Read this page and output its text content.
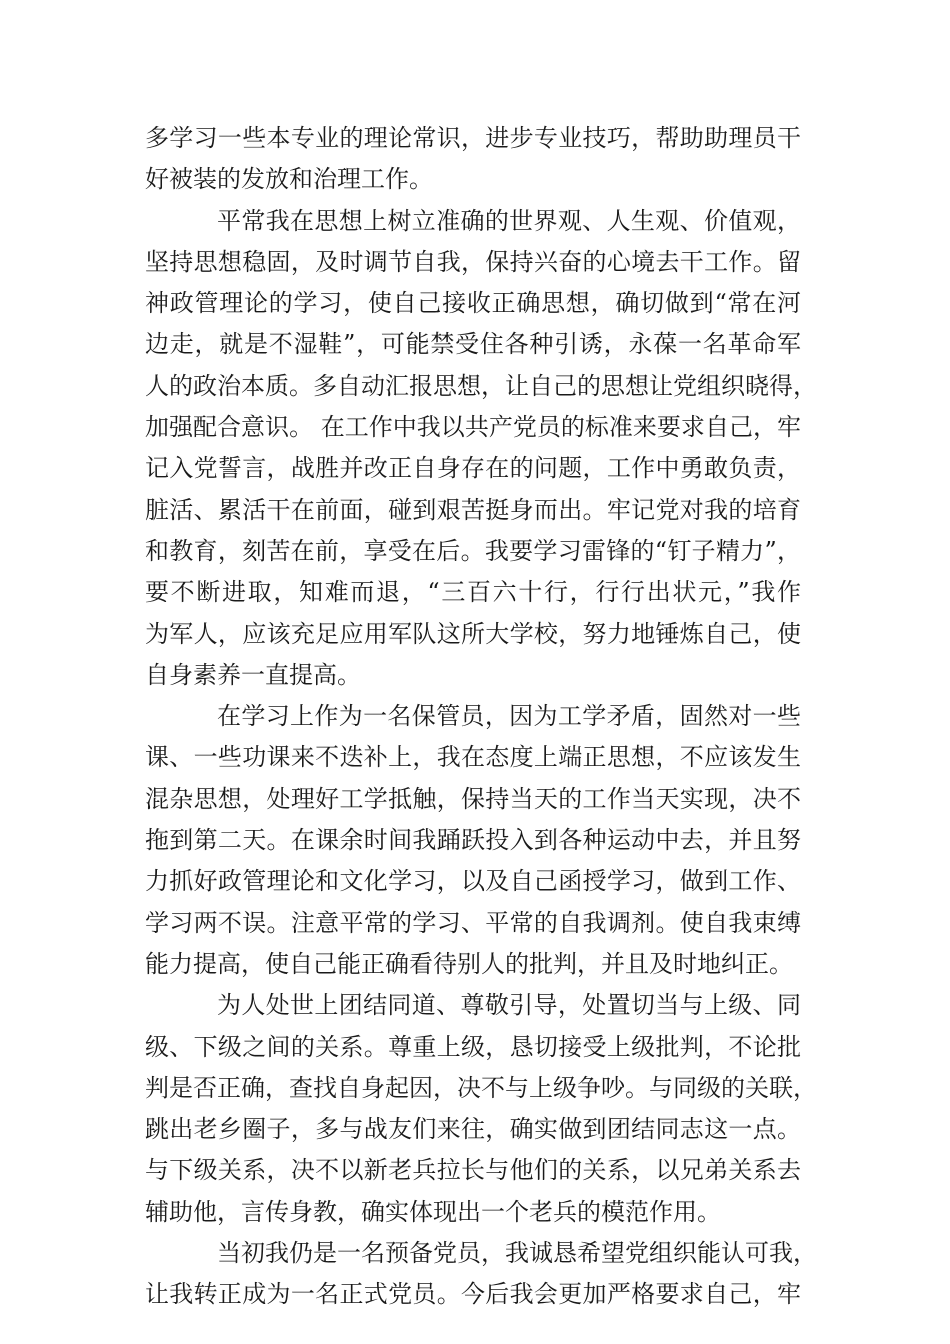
多学习一些本专业的理论常识，进步专业技巧，帮助助理员干
好被装的发放和治理工作。
平常我在思想上树立准确的世界观、人生观、价值观，
坚持思想稳固，及时调节自我，保持兴奋的心境去干工作。留
神政管理论的学习，使自己接收正确思想，确切做到“常在河
边走，就是不湿鞋”，可能禁受住各种引诱，永葆一名革命军
人的政治本质。多自动汇报思想，让自己的思想让党组织晓得，
加强配合意识。 在工作中我以共产党员的标准来要求自己，牢
记入党誓言，战胜并改正自身存在的问题，工作中勇敢负责，
脏活、累活干在前面，碰到艰苦挺身而出。牢记党对我的培育
和教育，刻苦在前，享受在后。我要学习雷锋的“钉子精力”，
要不断进取，知难而退，“三百六十行，行行出状元，”我作
为军人，应该充足应用军队这所大学校，努力地锤炼自己，使
自身素养一直提高。
在学习上作为一名保管员，因为工学矛盾，固然对一些
课、一些功课来不迭补上，我在态度上端正思想，不应该发生
混杂思想，处理好工学抵触，保持当天的工作当天实现，决不
拖到第二天。在课余时间我踊跃投入到各种运动中去，并且努
力抓好政管理论和文化学习，以及自己函授学习，做到工作、
学习两不误。注意平常的学习、平常的自我调剂。使自我束缚
能力提高，使自己能正确看待别人的批判，并且及时地纠正。
为人处世上团结同道、尊敬引导，处置切当与上级、同
级、下级之间的关系。尊重上级，恳切接受上级批判，不论批
判是否正确，查找自身起因，决不与上级争吵。与同级的关联，
跳出老乡圈子，多与战友们来往，确实做到团结同志这一点。
与下级关系，决不以新老兵拉长与他们的关系，以兄弟关系去
辅助他，言传身教，确实体现出一个老兵的模范作用。
当初我仍是一名预备党员，我诚恳希望党组织能认可我，
让我转正成为一名正式党员。今后我会更加严格要求自己，牢
